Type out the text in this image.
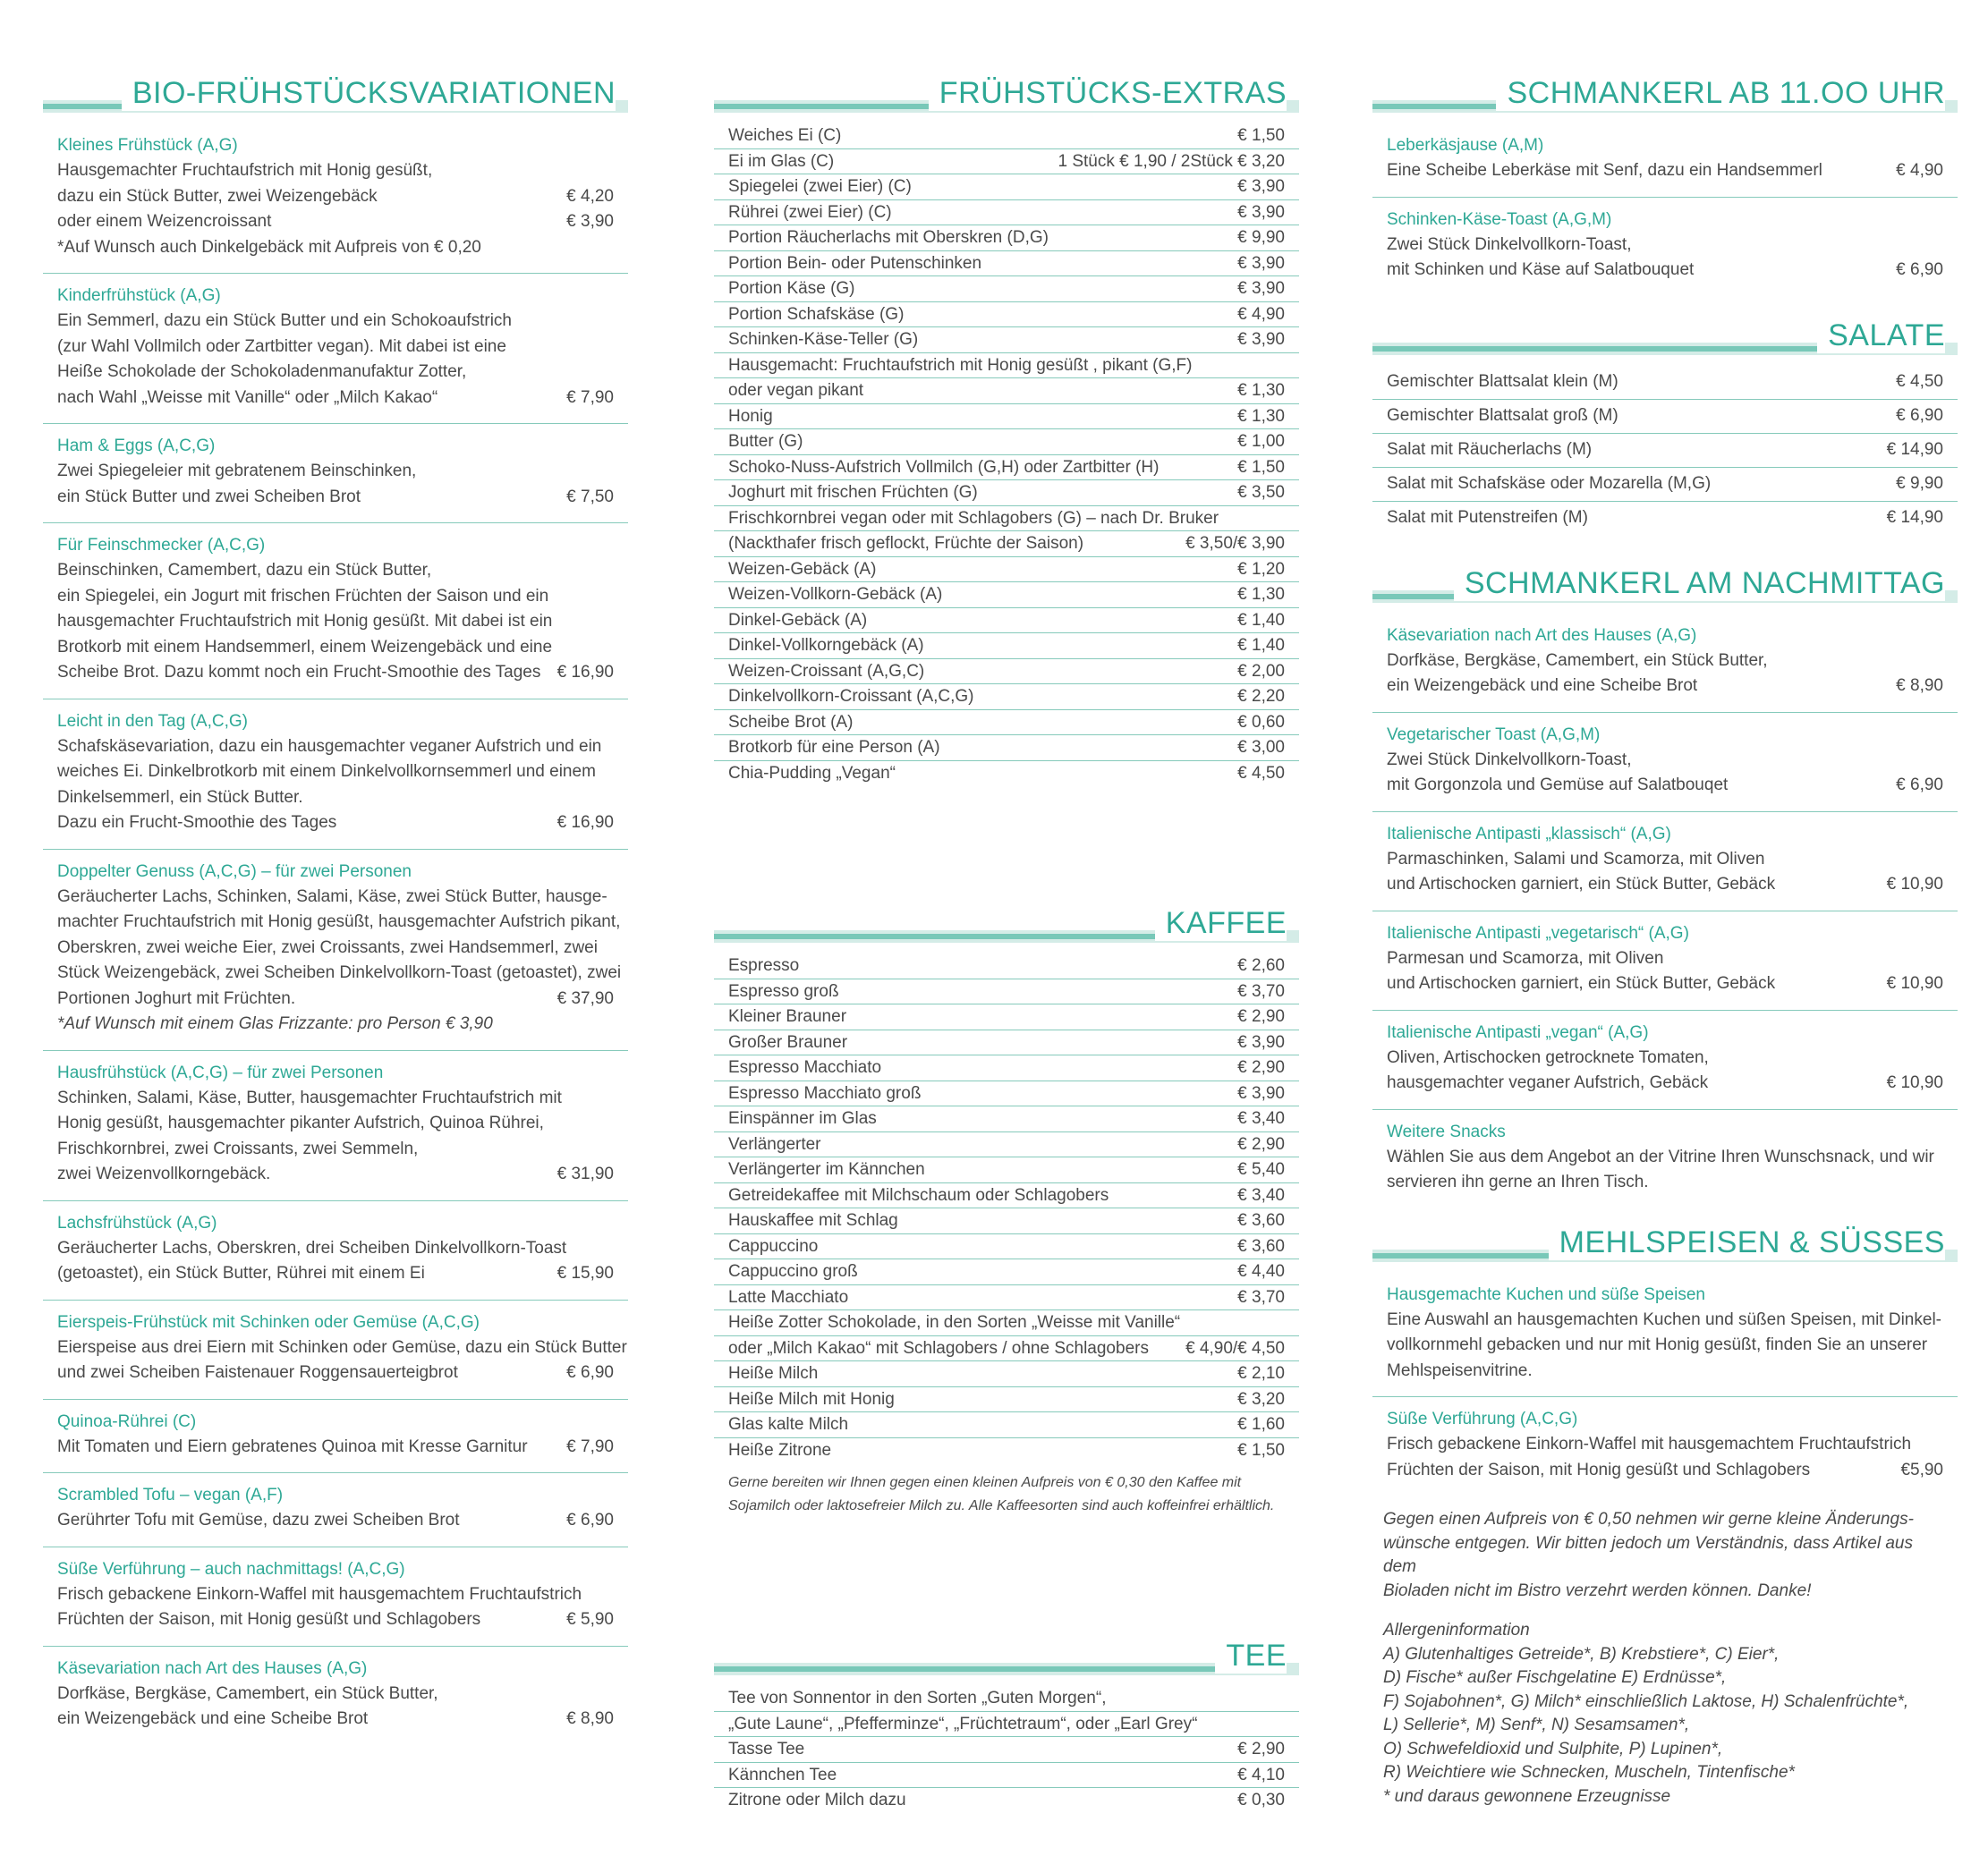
BIO-FRÜHSTÜCKSVARIATIONEN
Kleines Frühstück (A,G)
Hausgemachter Fruchtaufstrich mit Honig gesüßt,
dazu ein Stück Butter, zwei Weizengebäck	€ 4,20
oder einem Weizencroissant	€ 3,90
*Auf Wunsch auch Dinkelgebäck mit Aufpreis von € 0,20
Kinderfrühstück (A,G)
Ein Semmerl, dazu ein Stück Butter und ein Schokoaufstrich
(zur Wahl Vollmilch oder Zartbitter vegan). Mit dabei ist eine
Heiße Schokolade der Schokoladenmanufaktur Zotter,
nach Wahl „Weisse mit Vanille“ oder „Milch Kakao“	€ 7,90
Ham & Eggs (A,C,G)
Zwei Spiegeleier mit gebratenem Beinschinken,
ein Stück Butter und zwei Scheiben Brot	€ 7,50
Für Feinschmecker (A,C,G)
Beinschinken, Camembert, dazu ein Stück Butter,
ein Spiegelei, ein Jogurt mit frischen Früchten der Saison und ein
hausgemachter Fruchtaufstrich mit Honig gesüßt. Mit dabei ist ein
Brotkorb mit einem Handsemmerl, einem Weizengebäck und eine
Scheibe Brot. Dazu kommt noch ein Frucht-Smoothie des Tages € 16,90
Leicht in den Tag (A,C,G)
Schafskäsevariation, dazu ein hausgemachter veganer Aufstrich und ein
weiches Ei. Dinkelbrotkorb mit einem Dinkelvollkornsemmerl und einem
Dinkelsemmerl, ein Stück Butter.
Dazu ein Frucht-Smoothie des Tages	€ 16,90
Doppelter Genuss (A,C,G) – für zwei Personen
Geräucherter Lachs, Schinken, Salami, Käse, zwei Stück Butter, hausge-
machter Fruchtaufstrich mit Honig gesüßt, hausgemachter Aufstrich pikant,
Oberskren, zwei weiche Eier, zwei Croissants, zwei Handsemmerl, zwei
Stück Weizengebäck, zwei Scheiben Dinkelvollkorn-Toast (getoastet), zwei
Portionen Joghurt mit Früchten.	€ 37,90
*Auf Wunsch mit einem Glas Frizzante: pro Person € 3,90
Hausfrühstück (A,C,G) – für zwei Personen
Schinken, Salami, Käse, Butter, hausgemachter Fruchtaufstrich mit
Honig gesüßt, hausgemachter pikanter Aufstrich, Quinoa Rührei,
Frischkornbrei, zwei Croissants, zwei Semmeln,
zwei Weizenvollkorngebäck.	€ 31,90
Lachsfrühstück (A,G)
Geräucherter Lachs, Oberskren, drei Scheiben Dinkelvollkorn-Toast
(getoastet), ein Stück Butter, Rührei mit einem Ei	€ 15,90
Eierspeis-Frühstück mit Schinken oder Gemüse (A,C,G)
Eierspeise aus drei Eiern mit Schinken oder Gemüse, dazu ein Stück Butter
und zwei Scheiben Faistenauer Roggensauerteigbrot	€ 6,90
Quinoa-Rührei (C)
Mit Tomaten und Eiern gebratenes Quinoa mit Kresse Garnitur € 7,90
Scrambled Tofu – vegan (A,F)
Gerührter Tofu mit Gemüse, dazu zwei Scheiben Brot	€ 6,90
Süße Verführung – auch nachmittags! (A,C,G)
Frisch gebackene Einkorn-Waffel mit hausgemachtem Fruchtaufstrich
Früchten der Saison, mit Honig gesüßt und Schlagobers	€ 5,90
Käsevariation nach Art des Hauses (A,G)
Dorfkäse, Bergkäse, Camembert, ein Stück Butter,
ein Weizengebäck und eine Scheibe Brot	€ 8,90
FRÜHSTÜCKS-EXTRAS
Weiches Ei (C)	€ 1,50
Ei im Glas (C)	1 Stück € 1,90 / 2Stück € 3,20
Spiegelei (zwei Eier) (C)	€ 3,90
Rührei (zwei Eier) (C)	€ 3,90
Portion Räucherlachs mit Oberskren (D,G)	€ 9,90
Portion Bein- oder Putenschinken	€ 3,90
Portion Käse (G)	€ 3,90
Portion Schafskäse (G)	€ 4,90
Schinken-Käse-Teller (G)	€ 3,90
Hausgemacht: Fruchtaufstrich mit Honig gesüßt , pikant (G,F)
oder vegan pikant	€ 1,30
Honig	€ 1,30
Butter (G)	€ 1,00
Schoko-Nuss-Aufstrich Vollmilch (G,H) oder Zartbitter (H)	€ 1,50
Joghurt mit frischen Früchten (G)	€ 3,50
Frischkornbrei vegan oder mit Schlagobers (G) – nach Dr. Bruker
(Nackthafer frisch geflockt, Früchte der Saison)	€ 3,50/€ 3,90
Weizen-Gebäck (A)	€ 1,20
Weizen-Vollkorn-Gebäck (A)	€ 1,30
Dinkel-Gebäck (A)	€ 1,40
Dinkel-Vollkorngebäck (A)	€ 1,40
Weizen-Croissant (A,G,C)	€ 2,00
Dinkelvollkorn-Croissant (A,C,G)	€ 2,20
Scheibe Brot (A)	€ 0,60
Brotkorb für eine Person (A)	€ 3,00
Chia-Pudding „Vegan“	€ 4,50
KAFFEE
Espresso	€ 2,60
Espresso groß	€ 3,70
Kleiner Brauner	€ 2,90
Großer Brauner	€ 3,90
Espresso Macchiato	€ 2,90
Espresso Macchiato groß	€ 3,90
Einspänner im Glas	€ 3,40
Verlängerter	€ 2,90
Verlängerter im Kännchen	€ 5,40
Getreidekaffee mit Milchschaum oder Schlagobers	€ 3,40
Hauskaffee mit Schlag	€ 3,60
Cappuccino	€ 3,60
Cappuccino groß	€ 4,40
Latte Macchiato	€ 3,70
Heiße Zotter Schokolade, in den Sorten „Weisse mit Vanille“
oder „Milch Kakao“ mit Schlagobers / ohne Schlagobers € 4,90/€ 4,50
Heiße Milch	€ 2,10
Heiße Milch mit Honig	€ 3,20
Glas kalte Milch	€ 1,60
Heiße Zitrone	€ 1,50
Gerne bereiten wir Ihnen gegen einen kleinen Aufpreis von € 0,30 den Kaffee mit Sojamilch oder laktosefreier Milch zu. Alle Kaffeesorten sind auch koffeinfrei erhältlich.
TEE
Tee von Sonnentor in den Sorten „Guten Morgen“,
„Gute Laune“, „Pfefferminze“, „Früchtetraum“, oder „Earl Grey“
Tasse Tee	€ 2,90
Kännchen Tee	€ 4,10
Zitrone oder Milch dazu	€ 0,30
SCHMANKERL AB 11.OO UHR
Leberkäsjause (A,M)
Eine Scheibe Leberkäse mit Senf, dazu ein Handsemmerl	€ 4,90
Schinken-Käse-Toast (A,G,M)
Zwei Stück Dinkelvollkorn-Toast,
mit Schinken und Käse auf Salatbouquet	€ 6,90
SALATE
Gemischter Blattsalat klein (M)	€ 4,50
Gemischter Blattsalat groß (M)	€ 6,90
Salat mit Räucherlachs (M)	€ 14,90
Salat mit Schafskäse oder Mozarella (M,G)	€ 9,90
Salat mit Putenstreifen (M)	€ 14,90
SCHMANKERL AM NACHMITTAG
Käsevariation nach Art des Hauses (A,G)
Dorfkäse, Bergkäse, Camembert, ein Stück Butter,
ein Weizengebäck und eine Scheibe Brot	€ 8,90
Vegetarischer Toast (A,G,M)
Zwei Stück Dinkelvollkorn-Toast,
mit Gorgonzola und Gemüse auf Salatbouqet	€ 6,90
Italienische Antipasti „klassisch“ (A,G)
Parmaschinken, Salami und Scamorza, mit Oliven
und Artischocken garniert, ein Stück Butter, Gebäck	€ 10,90
Italienische Antipasti „vegetarisch“ (A,G)
Parmesan und Scamorza, mit Oliven
und Artischocken garniert, ein Stück Butter, Gebäck	€ 10,90
Italienische Antipasti „vegan“ (A,G)
Oliven, Artischocken getrocknete Tomaten,
hausgemachter veganer Aufstrich, Gebäck	€ 10,90
Weitere Snacks
Wählen Sie aus dem Angebot an der Vitrine Ihren Wunschsnack, und wir
servieren ihn gerne an Ihren Tisch.
MEHLSPEISEN & SÜSSES
Hausgemachte Kuchen und süße Speisen
Eine Auswahl an hausgemachten Kuchen und süßen Speisen, mit Dinkel-
vollkornmehl gebacken und nur mit Honig gesüßt, finden Sie an unserer
Mehlspeisenvitrine.
Süße Verführung (A,C,G)
Frisch gebackene Einkorn-Waffel mit hausgemachtem Fruchtaufstrich
Früchten der Saison, mit Honig gesüßt und Schlagobers	€5,90
Gegen einen Aufpreis von € 0,50 nehmen wir gerne kleine Änderungs-
wünsche entgegen. Wir bitten jedoch um Verständnis, dass Artikel aus dem
Bioladen nicht im Bistro verzehrt werden können. Danke!
Allergeninformation
A) Glutenhaltiges Getreide*, B) Krebstiere*, C) Eier*,
D) Fische* außer Fischgelatine E) Erdnüsse*,
F) Sojabohnen*, G) Milch* einschließlich Laktose, H) Schalenfrüchte*,
L) Sellerie*, M) Senf*, N) Sesamsamen*,
O) Schwefeldioxid und Sulphite, P) Lupinen*,
R) Weichtiere wie Schnecken, Muscheln, Tintenfische*
* und daraus gewonnene Erzeugnisse
